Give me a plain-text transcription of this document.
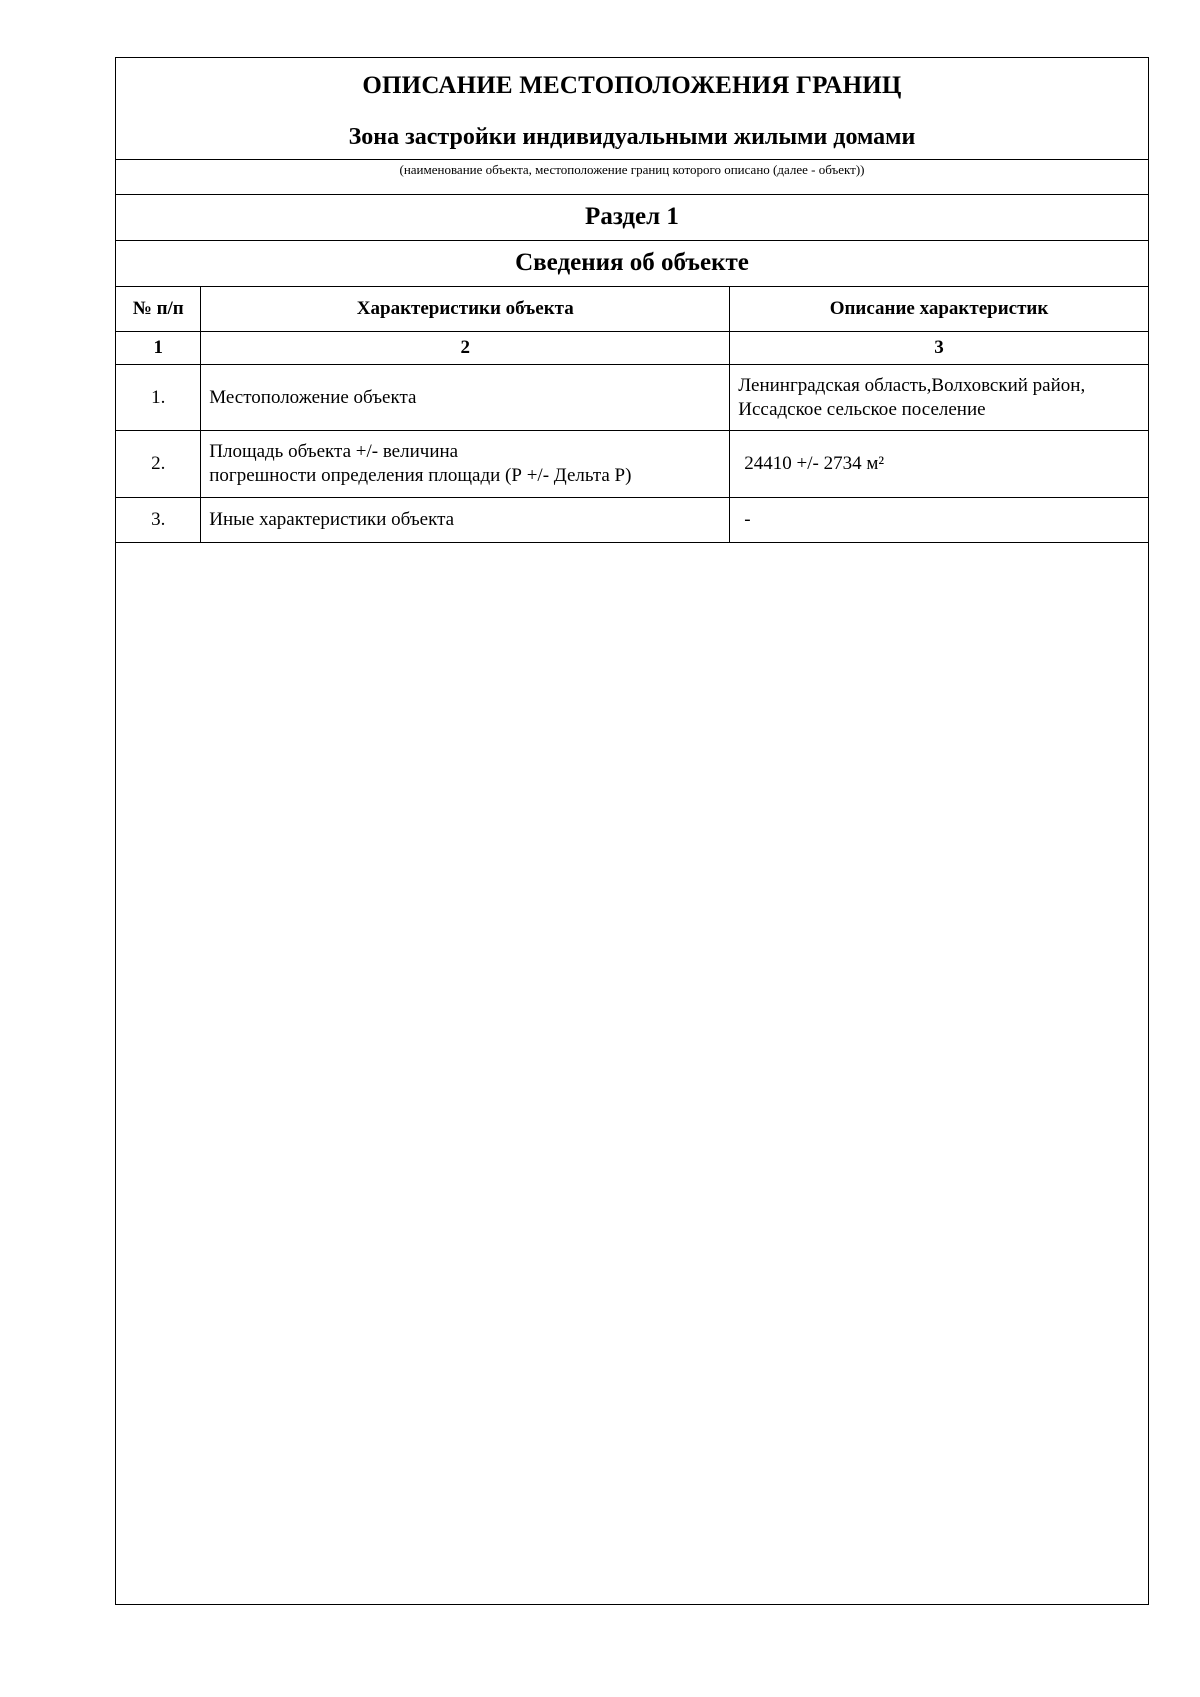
ОПИСАНИЕ МЕСТОПОЛОЖЕНИЯ ГРАНИЦ
Зона застройки индивидуальными жилыми домами
(наименование объекта, местоположение границ которого описано (далее - объект))
Раздел 1
Сведения об объекте
№ п/п	Характеристики объекта	Описание характеристик
1	2	3
1.	Местоположение объекта	Ленинградская область,Волховский район,
Иссадское сельское поселение

2.	Площадь объекта +/- величина
погрешности определения площади (Р +/- Дельта Р)	24410 +/- 2734 м²
3.	Иные характеристики объекта	-
